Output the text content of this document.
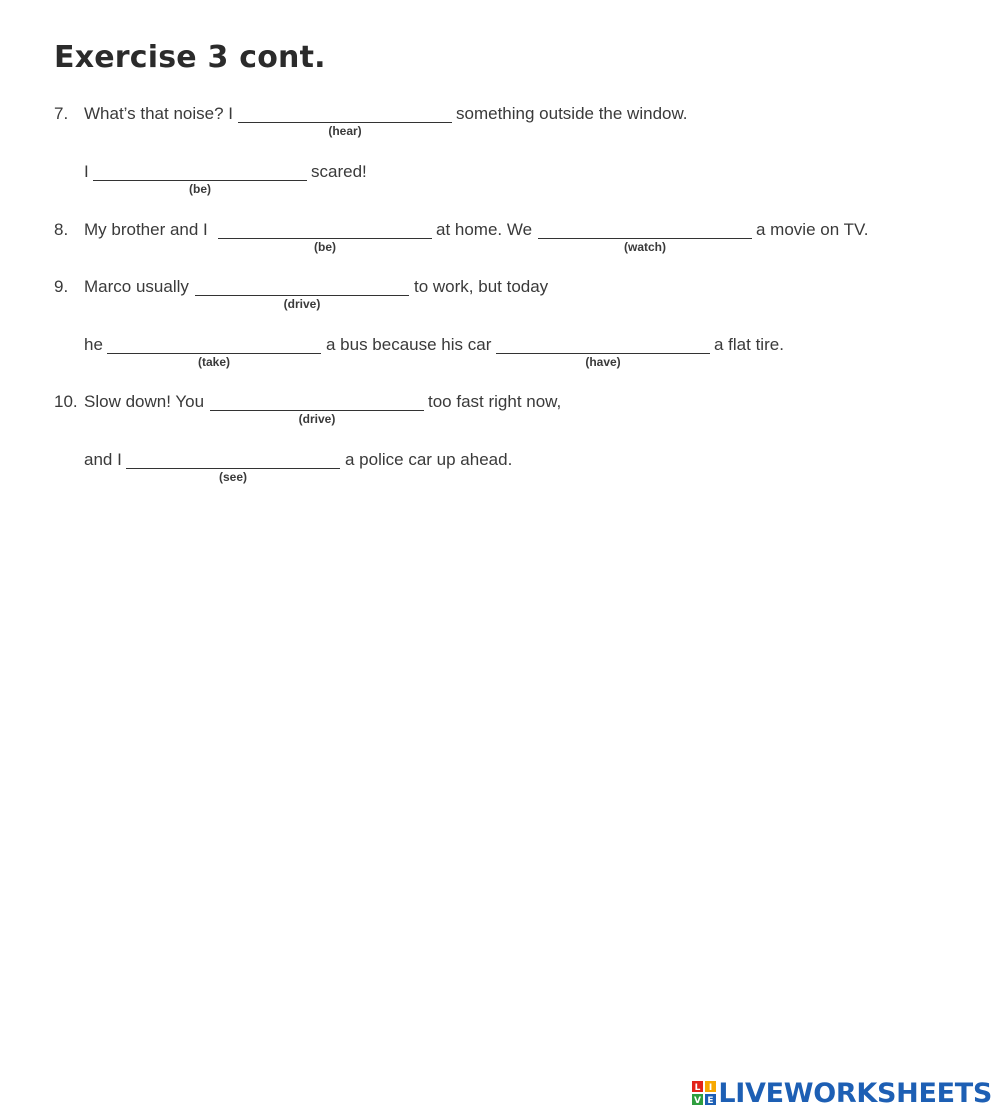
Exercise 3 cont.
7. What’s that noise? I
(hear)
something outside the window.
I
(be)
scared!
8. My brother and I
(be)
at home. We
(watch)
a movie on TV.
9. Marco usually
(drive)
to work, but today
he
(take)
a bus because his car
(have)
a flat tire.
10. Slow down! You
(drive)
too fast right now,
and I
(see)
a police car up ahead.
L I
V E LIVEWORKSHEETS
